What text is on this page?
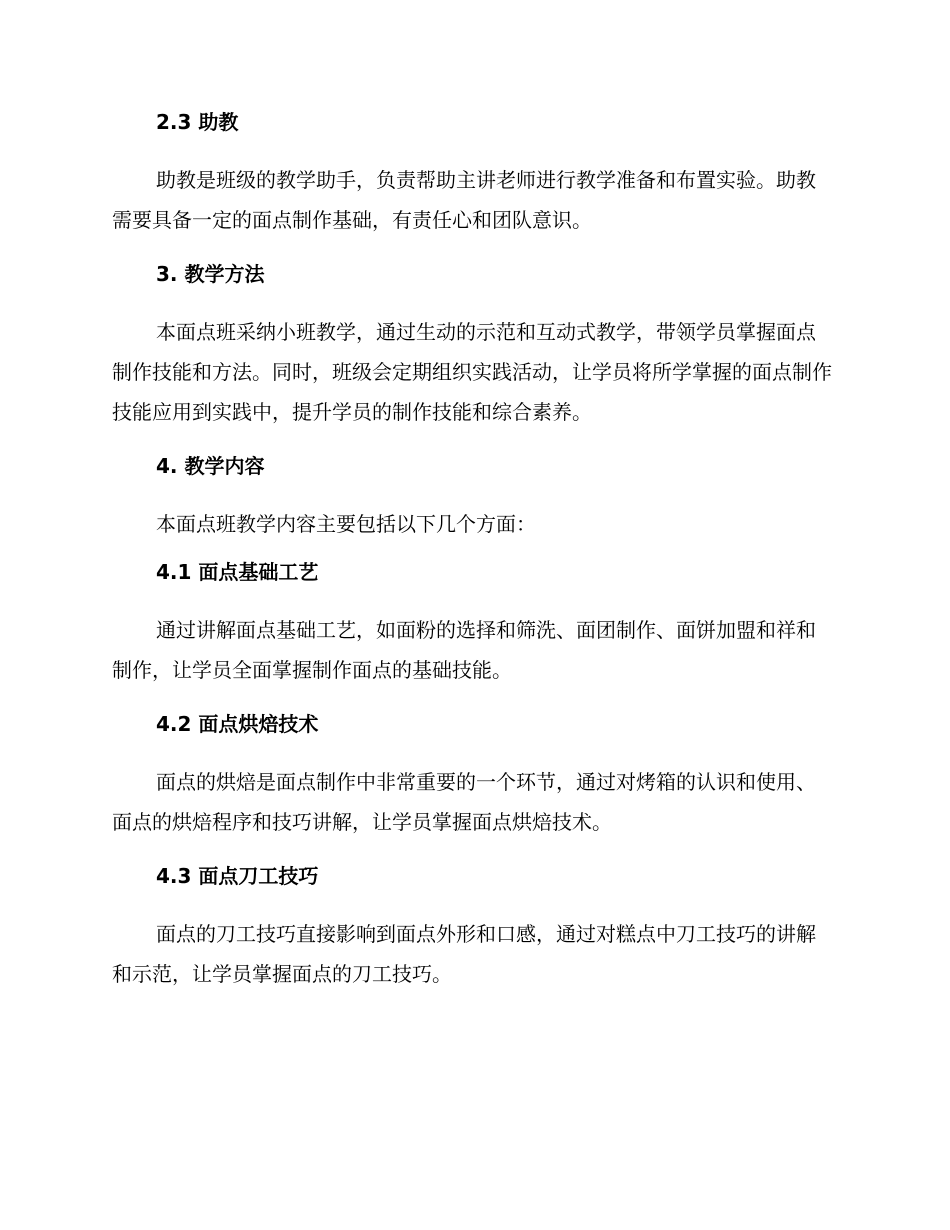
2.3 助教
助教是班级的教学助手，负责帮助主讲老师进行教学准备和布置实验。助教需要具备一定的面点制作基础，有责任心和团队意识。
3. 教学方法
本面点班采纳小班教学，通过生动的示范和互动式教学，带领学员掌握面点制作技能和方法。同时，班级会定期组织实践活动，让学员将所学掌握的面点制作技能应用到实践中，提升学员的制作技能和综合素养。
4. 教学内容
本面点班教学内容主要包括以下几个方面：
4.1 面点基础工艺
通过讲解面点基础工艺，如面粉的选择和筛洗、面团制作、面饼加盟和祥和制作，让学员全面掌握制作面点的基础技能。
4.2 面点烘焙技术
面点的烘焙是面点制作中非常重要的一个环节，通过对烤箱的认识和使用、面点的烘焙程序和技巧讲解，让学员掌握面点烘焙技术。
4.3 面点刀工技巧
面点的刀工技巧直接影响到面点外形和口感，通过对糕点中刀工技巧的讲解和示范，让学员掌握面点的刀工技巧。
